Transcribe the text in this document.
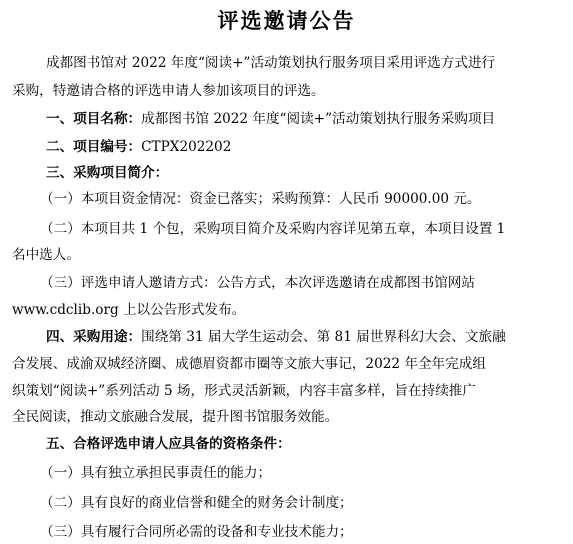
评选邀请公告
成都图书馆对 2022 年度“阅读+”活动策划执行服务项目采用评选方式进行
采购，特邀请合格的评选申请人参加该项目的评选。
一、项目名称：成都图书馆 2022 年度“阅读+”活动策划执行服务采购项目
二、项目编号：CTPX202202
三、采购项目简介：
（一）本项目资金情况：资金已落实；采购预算：人民币 90000.00 元。
（二）本项目共 1 个包，采购项目简介及采购内容详见第五章，本项目设置 1
名中选人。
（三）评选申请人邀请方式：公告方式，本次评选邀请在成都图书馆网站
www.cdclib.org 上以公告形式发布。
四、采购用途：围绕第 31 届大学生运动会、第 81 届世界科幻大会、文旅融
合发展、成渝双城经济圈、成德眉资都市圈等文旅大事记，2022 年全年完成组
织策划“阅读+”系列活动 5 场，形式灵活新颖，内容丰富多样，旨在持续推广
全民阅读，推动文旅融合发展，提升图书馆服务效能。
五、合格评选申请人应具备的资格条件：
（一）具有独立承担民事责任的能力；
（二）具有良好的商业信誉和健全的财务会计制度；
（三）具有履行合同所必需的设备和专业技术能力；
